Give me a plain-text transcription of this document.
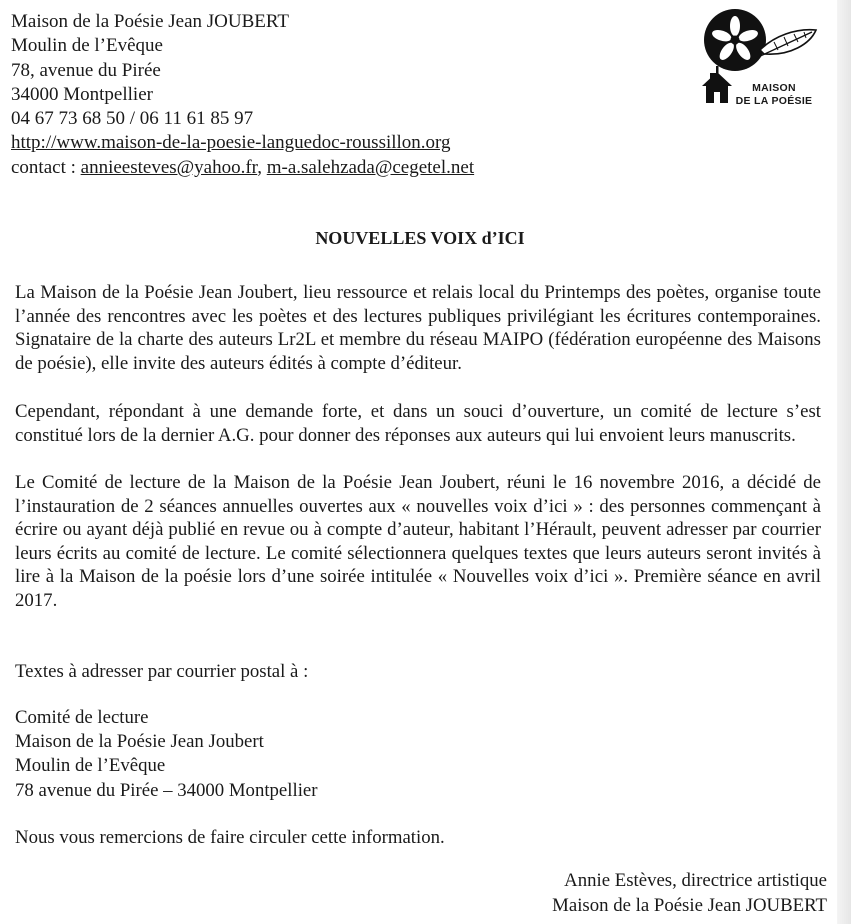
Maison de la Poésie Jean JOUBERT
Moulin de l’Evêque
78, avenue du Pirée
34000 Montpellier
04 67 73 68 50 / 06 11 61 85 97
http://www.maison-de-la-poesie-languedoc-roussillon.org
contact : annieesteves@yahoo.fr, m-a.salehzada@cegetel.net
MAISON
DE LA POÉSIE
NOUVELLES VOIX d’ICI
La Maison de la Poésie Jean Joubert, lieu ressource et relais local du Printemps des poètes, organise toute l’année des rencontres avec les poètes et des lectures publiques privilégiant les écritures contemporaines. Signataire de la charte des auteurs Lr2L et membre du réseau MAIPO (fédération européenne des Maisons de poésie), elle invite des auteurs édités à compte d’éditeur.
Cependant, répondant à une demande forte, et dans un souci d’ouverture, un comité de lecture s’est constitué lors de la dernier A.G. pour donner des réponses aux auteurs qui lui envoient leurs manuscrits.
Le Comité de lecture de la Maison de la Poésie Jean Joubert, réuni le 16 novembre 2016, a décidé de l’instauration de 2 séances annuelles ouvertes aux « nouvelles voix d’ici » : des personnes commençant à écrire ou ayant déjà publié en revue ou à compte d’auteur, habitant l’Hérault, peuvent adresser par courrier leurs écrits au comité de lecture. Le comité sélectionnera quelques textes que leurs auteurs seront invités à lire à la Maison de la poésie lors d’une soirée intitulée « Nouvelles voix d’ici ». Première séance en avril 2017.
Textes à adresser par courrier postal à :
Comité de lecture
Maison de la Poésie Jean Joubert
Moulin de l’Evêque
78 avenue du Pirée – 34000 Montpellier
Nous vous remercions de faire circuler cette information.
Annie Estèves, directrice artistique
Maison de la Poésie Jean JOUBERT
